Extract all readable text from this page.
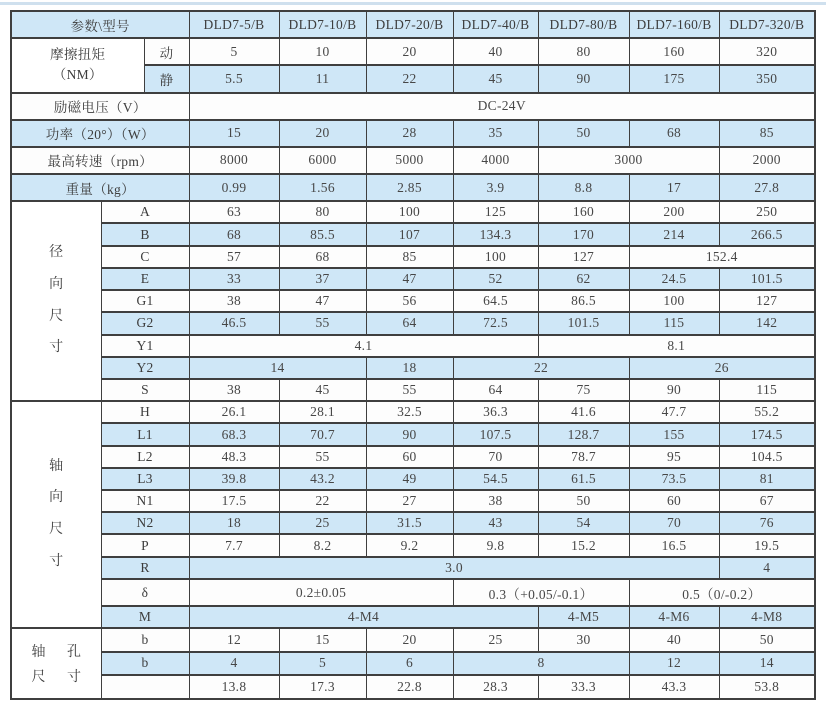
参数\型号			DLD7-5/B	DLD7-10/B	DLD7-20/B	DLD7-40/B	DLD7-80/B	DLD7-160/B	DLD7-320/B

摩擦扭矩
（NM）		动	5	10	20	40	80	160	320
		静	5.5	11	22	45	90	175	350
励磁电压（V）			DC-24V						
功率（20°）（W）			15	20	28	35	50	68	85
最高转速（rpm）			8000	6000	5000	4000	3000		2000
重量（kg）			0.99	1.56	2.85	3.9	8.8	17	27.8

径
向
尺
寸	A		63	80	100	125	160	200	250
	B		68	85.5	107	134.3	170	214	266.5
	C		57	68	85	100	127	152.4	
	E		33	37	47	52	62	24.5	101.5
	G1		38	47	56	64.5	86.5	100	127
	G2		46.5	55	64	72.5	101.5	115	142
	Y1		4.1				8.1		
	Y2		14		18	22		26	
	S		38	45	55	64	75	90	115

轴
向
尺
寸	H		26.1	28.1	32.5	36.3	41.6	47.7	55.2
	L1		68.3	70.7	90	107.5	128.7	155	174.5
	L2		48.3	55	60	70	78.7	95	104.5
	L3		39.8	43.2	49	54.5	61.5	73.5	81
	N1		17.5	22	27	38	50	60	67
	N2		18	25	31.5	43	54	70	76
	P		7.7	8.2	9.2	9.8	15.2	16.5	19.5
	R		3.0						4
	δ		0.2±0.05			0.3（+0.05/-0.1）		0.5（0/-0.2）	
	M		4-M4				4-M5	4-M6	4-M8

轴 孔
尺 寸	b		12	15	20	25	30	40	50
	b		4	5	6	8		12	14
			13.8	17.3	22.8	28.3	33.3	43.3	53.8
